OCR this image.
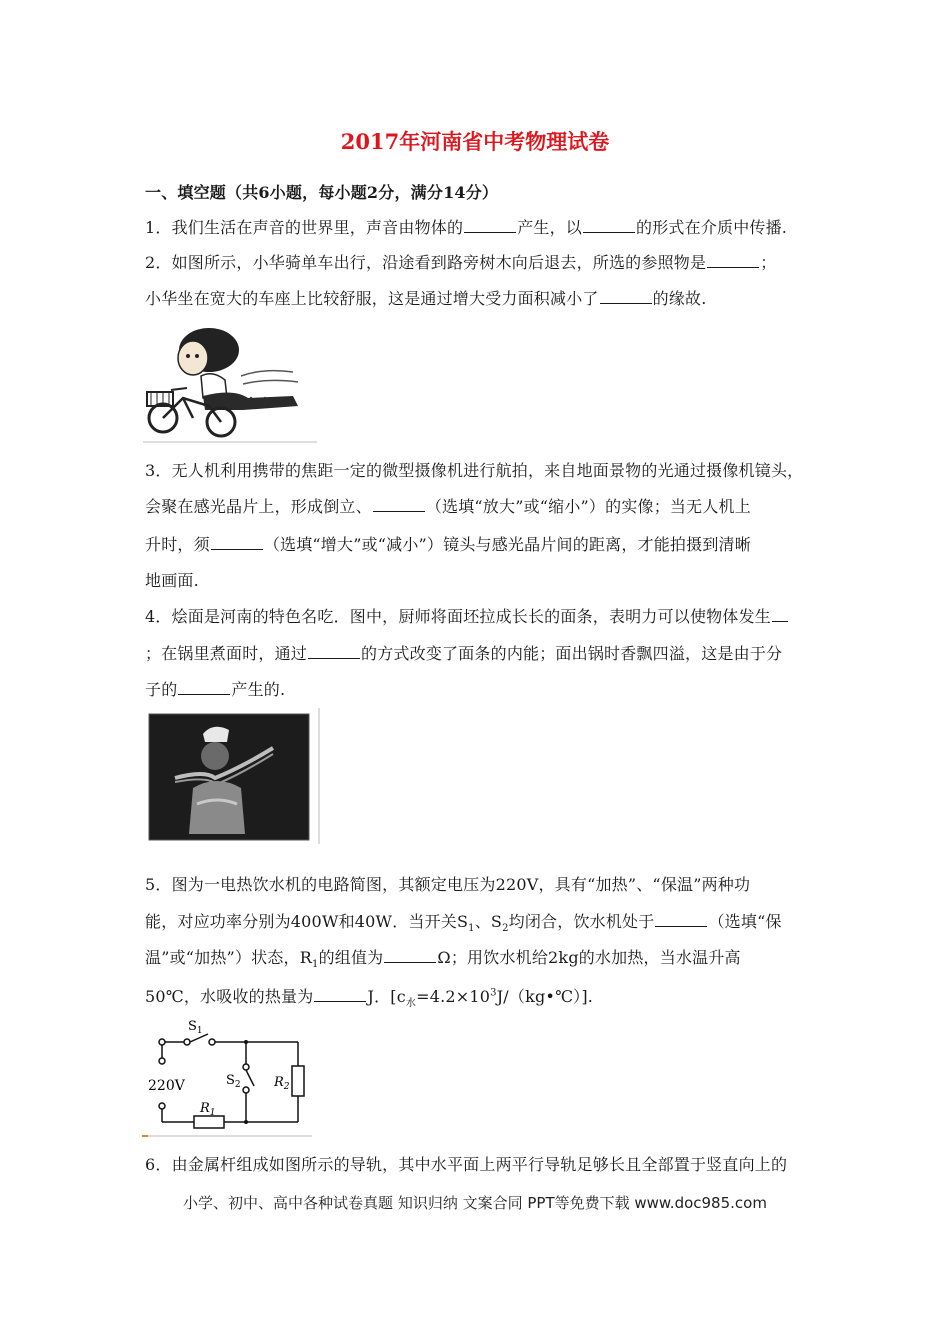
2017年河南省中考物理试卷
一、填空题（共6小题，每小题2分，满分14分）
1．我们生活在声音的世界里，声音由物体的	产生，以	的形式在介质中传播.
2．如图所示，小华骑单车出行，沿途看到路旁树木向后退去，所选的参照物是	；
小华坐在宽大的车座上比较舒服，这是通过增大受力面积减小了	的缘故.
3．无人机利用携带的焦距一定的微型摄像机进行航拍，来自地面景物的光通过摄像机镜头，
会聚在感光晶片上，形成倒立、	（选填“放大”或“缩小”）的实像；当无人机上
升时，须	（选填“增大”或“减小”）镜头与感光晶片间的距离，才能拍摄到清晰
地画面.
4．烩面是河南的特色名吃．图中，厨师将面坯拉成长长的面条，表明力可以使物体发生
；在锅里煮面时，通过	的方式改变了面条的内能；面出锅时香飘四溢，这是由于分
子的	产生的.
5．图为一电热饮水机的电路简图，其额定电压为220V，具有“加热”、“保温”两种功
能，对应功率分别为400W和40W．当开关$S_1$、$S_2$均闭合，饮水机处于	（选填“保
温”或“加热”）状态，$R_1$的组值为	Ω；用饮水机给2kg的水加热，当水温升高
50℃，水吸收的热量为	J．$[c_水=4.2\times 10^3J/(kg•℃)]$.
$S_1$
220V
$R_1$
$S_2$	$R_2$
6．由金属杆组成如图所示的导轨，其中水平面上两平行导轨足够长且全部置于竖直向上的
小学、初中、高中各种试卷真题 知识归纳 文案合同 PPT等免费下载 www.doc985.com
